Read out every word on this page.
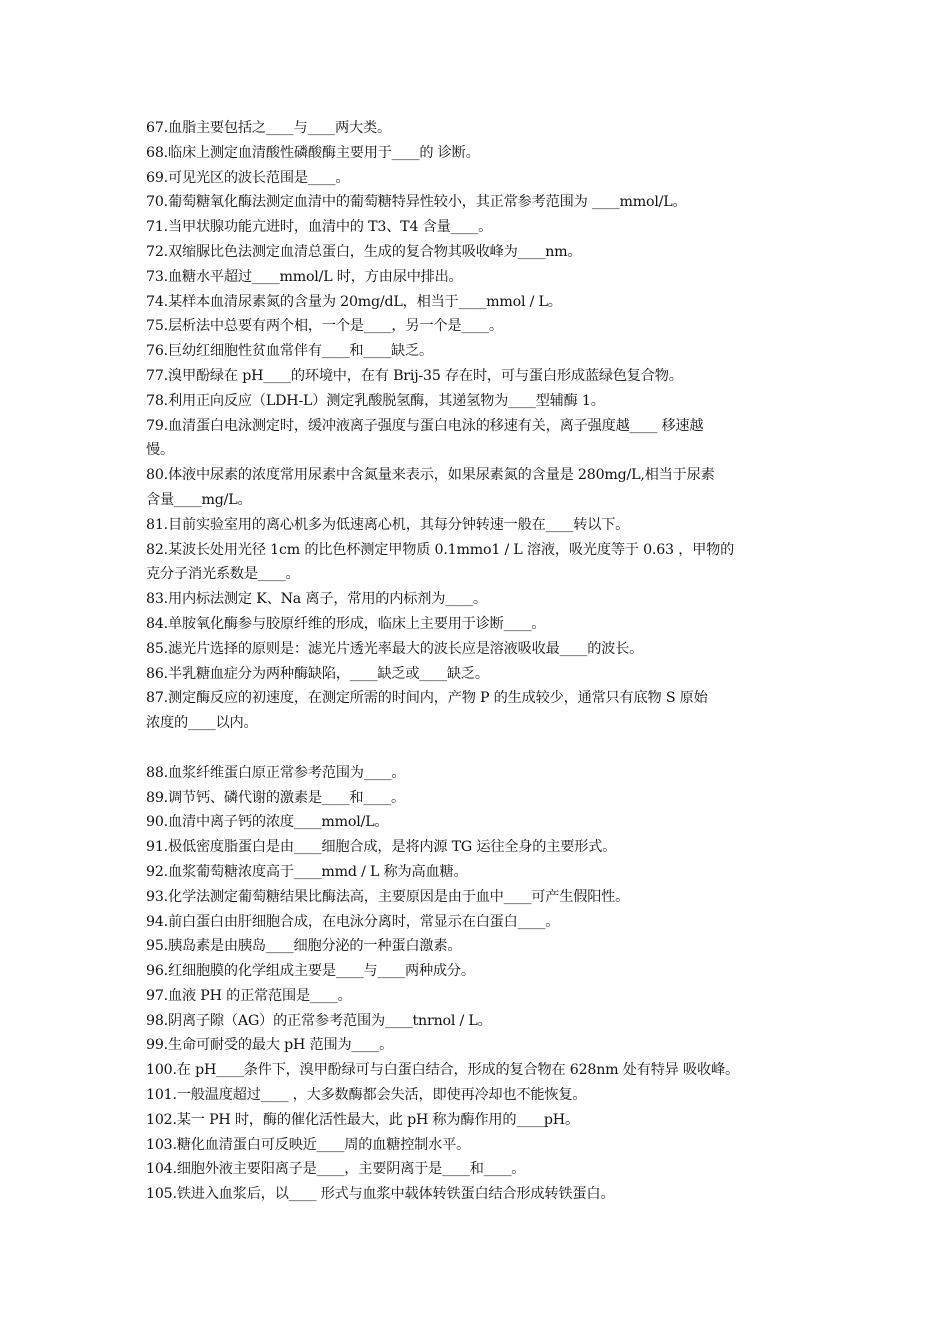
67.血脂主要包括之____与____两大类。
68.临床上测定血清酸性磷酸酶主要用于____的 诊断。
69.可见光区的波长范围是____。
70.葡萄糖氧化酶法测定血清中的葡萄糖特异性较小，其正常参考范围为 ____mmol/L。
71.当甲状腺功能亢进时，血清中的 T3、T4 含量____。
72.双缩脲比色法测定血清总蛋白，生成的复合物其吸收峰为____nm。
73.血糖水平超过____mmol/L 时，方由尿中排出。
74.某样本血清尿素氮的含量为 20mg/dL，相当于____mmol / L。
75.层析法中总要有两个相，一个是____，另一个是____。
76.巨幼红细胞性贫血常伴有____和____缺乏。
77.溴甲酚绿在 pH____的环境中，在有 Brij-35 存在时，可与蛋白形成蓝绿色复合物。
78.利用正向反应（LDH-L）测定乳酸脱氢酶，其递氢物为____型辅酶 1。
79.血清蛋白电泳测定时，缓冲液离子强度与蛋白电泳的移速有关，离子强度越____ 移速越
慢。
80.体液中尿素的浓度常用尿素中含氮量来表示，如果尿素氮的含量是 280mg/L,相当于尿素
含量____mg/L。
81.目前实验室用的离心机多为低速离心机，其每分钟转速一般在____转以下。
82.某波长处用光径 1cm 的比色杯测定甲物质 0.1mmo1 / L 溶液，吸光度等于 0.63 ，甲物的
克分子消光系数是____。
83.用内标法测定 K、Na 离子，常用的内标剂为____。
84.单胺氧化酶参与胶原纤维的形成，临床上主要用于诊断____。
85.滤光片选择的原则是：滤光片透光率最大的波长应是溶液吸收最____的波长。
86.半乳糖血症分为两种酶缺陷，____缺乏或____缺乏。
87.测定酶反应的初速度，在测定所需的时间内，产物 P 的生成较少，通常只有底物 S 原始
浓度的____以内。
88.血浆纤维蛋白原正常参考范围为____。
89.调节钙、磷代谢的激素是____和____。
90.血清中离子钙的浓度____mmol/L。
91.极低密度脂蛋白是由____细胞合成，是将内源 TG 运往全身的主要形式。
92.血浆葡萄糖浓度高于____mmd / L 称为高血糖。
93.化学法测定葡萄糖结果比酶法高，主要原因是由于血中____可产生假阳性。
94.前白蛋白由肝细胞合成，在电泳分离时，常显示在白蛋白____。
95.胰岛素是由胰岛____细胞分泌的一种蛋白激素。
96.红细胞膜的化学组成主要是____与____两种成分。
97.血液 PH 的正常范围是____。
98.阴离子隙（AG）的正常参考范围为____tnrnol / L。
99.生命可耐受的最大 pH 范围为____。
100.在 pH____条件下，溴甲酚绿可与白蛋白结合，形成的复合物在 628nm 处有特异 吸收峰。
101.一般温度超过____ ，大多数酶都会失活，即使再冷却也不能恢复。
102.某一 PH 时，酶的催化活性最大，此 pH 称为酶作用的____pH。
103.糖化血清蛋白可反映近____周的血糖控制水平。
104.细胞外液主要阳离子是____，主要阴离于是____和____。
105.铁进入血浆后，以____ 形式与血浆中载体转铁蛋白结合形成转铁蛋白。
